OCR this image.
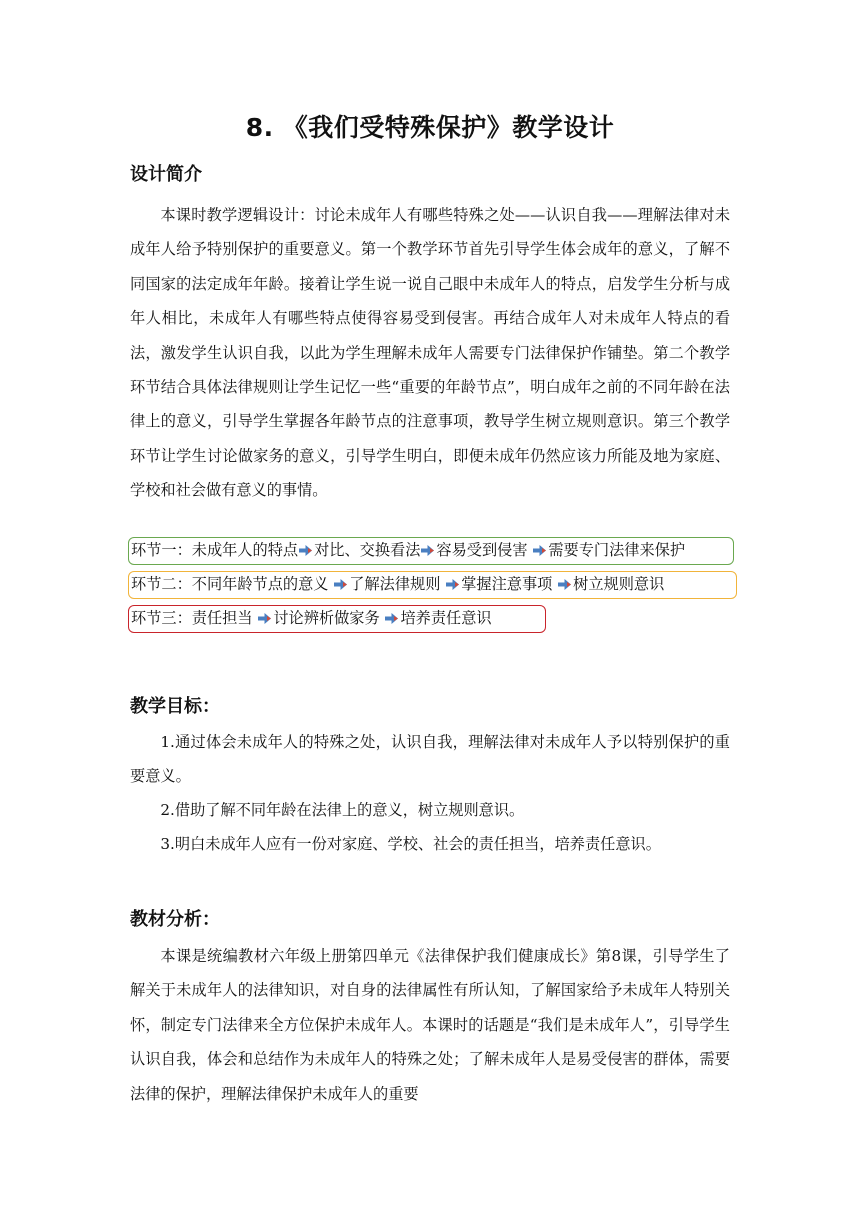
8. 《我们受特殊保护》教学设计
设计简介

本课时教学逻辑设计：讨论未成年人有哪些特殊之处——认识自我——理解法律对未成年人给予特别保护的重要意义。第一个教学环节首先引导学生体会成年的意义，了解不同国家的法定成年年龄。接着让学生说一说自己眼中未成年人的特点，启发学生分析与成年人相比，未成年人有哪些特点使得容易受到侵害。再结合成年人对未成年人特点的看法，激发学生认识自我，以此为学生理解未成年人需要专门法律保护作铺垫。第二个教学环节结合具体法律规则让学生记忆一些“重要的年龄节点”，明白成年之前的不同年龄在法律上的意义，引导学生掌握各年龄节点的注意事项，教导学生树立规则意识。第三个教学环节让学生讨论做家务的意义，引导学生明白，即便未成年仍然应该力所能及地为家庭、学校和社会做有意义的事情。

环节一：未成年人的特点 对比、交换看法 容易受到侵害 需要专门法律来保护
环节二：不同年龄节点的意义 了解法律规则 掌握注意事项 树立规则意识
环节三：责任担当 讨论辨析做家务 培养责任意识
教学目标：

1.通过体会未成年人的特殊之处，认识自我，理解法律对未成年人予以特别保护的重要意义。

2.借助了解不同年龄在法律上的意义，树立规则意识。
3.明白未成年人应有一份对家庭、学校、社会的责任担当，培养责任意识。
教材分析：

本课是统编教材六年级上册第四单元《法律保护我们健康成长》第8课，引导学生了解关于未成年人的法律知识，对自身的法律属性有所认知，了解国家给予未成年人特别关怀，制定专门法律来全方位保护未成年人。本课时的话题是“我们是未成年人”，引导学生认识自我，体会和总结作为未成年人的特殊之处；了解未成年人是易受侵害的群体，需要法律的保护，理解法律保护未成年人的重要
